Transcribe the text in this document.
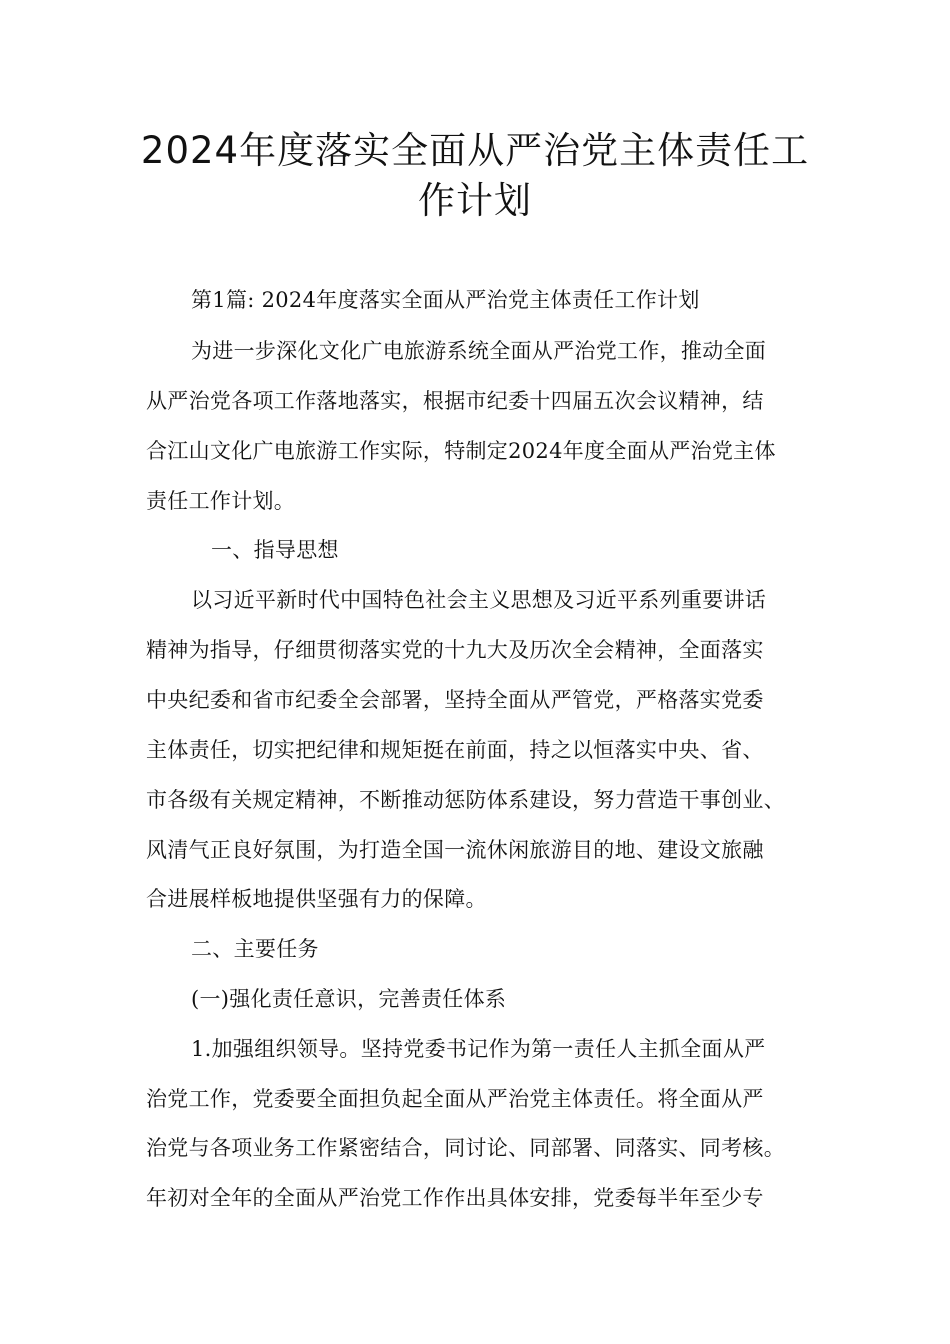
2024年度落实全面从严治党主体责任工
作计划

第1篇: 2024年度落实全面从严治党主体责任工作计划

为进一步深化文化广电旅游系统全面从严治党工作，推动全面

从严治党各项工作落地落实，根据市纪委十四届五次会议精神，结

合江山文化广电旅游工作实际，特制定2024年度全面从严治党主体

责任工作计划。

一、指导思想

以习近平新时代中国特色社会主义思想及习近平系列重要讲话

精神为指导，仔细贯彻落实党的十九大及历次全会精神，全面落实

中央纪委和省市纪委全会部署，坚持全面从严管党，严格落实党委

主体责任，切实把纪律和规矩挺在前面，持之以恒落实中央、省、

市各级有关规定精神，不断推动惩防体系建设，努力营造干事创业、

风清气正良好氛围，为打造全国一流休闲旅游目的地、建设文旅融

合进展样板地提供坚强有力的保障。

二、主要任务

(一)强化责任意识，完善责任体系

1.加强组织领导。坚持党委书记作为第一责任人主抓全面从严

治党工作，党委要全面担负起全面从严治党主体责任。将全面从严

治党与各项业务工作紧密结合，同讨论、同部署、同落实、同考核。

年初对全年的全面从严治党工作作出具体安排，党委每半年至少专
